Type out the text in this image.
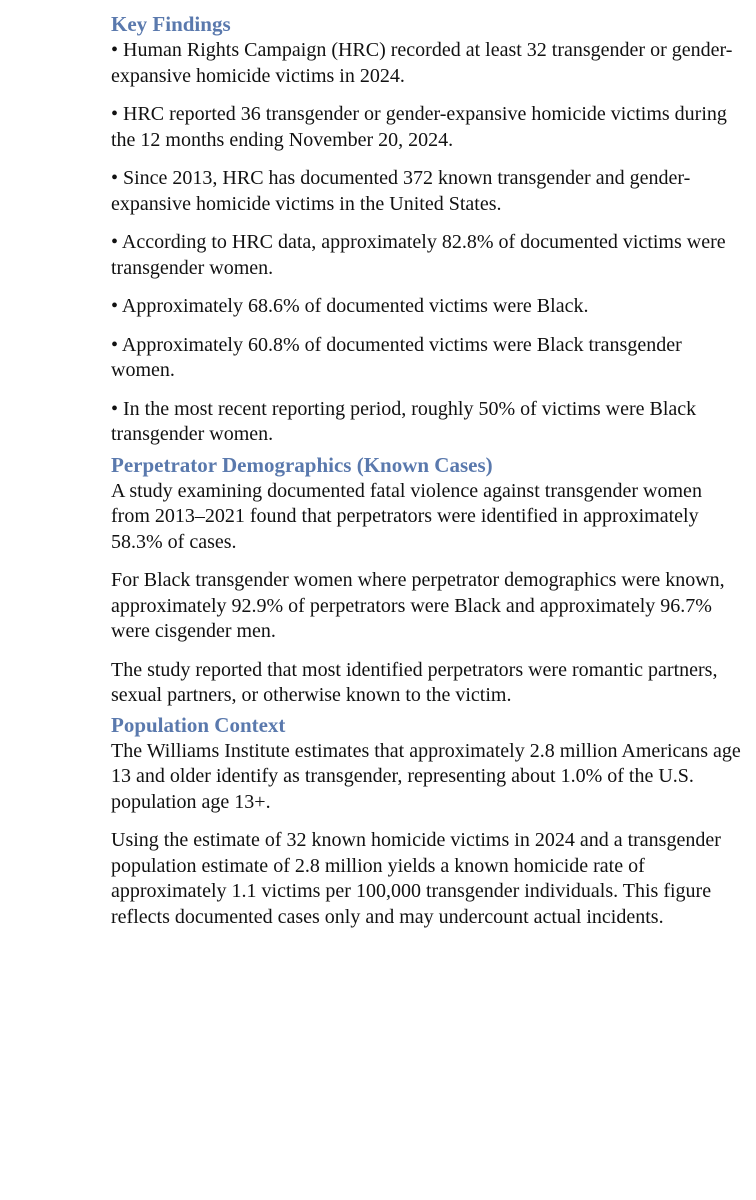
Key Findings

• Human Rights Campaign (HRC) recorded at least 32 transgender or gender-expansive homicide victims in 2024.

• HRC reported 36 transgender or gender-expansive homicide victims during the 12 months ending November 20, 2024.

• Since 2013, HRC has documented 372 known transgender and gender-expansive homicide victims in the United States.

• According to HRC data, approximately 82.8% of documented victims were transgender women.

• Approximately 68.6% of documented victims were Black.

• Approximately 60.8% of documented victims were Black transgender women.

• In the most recent reporting period, roughly 50% of victims were Black transgender women.

Perpetrator Demographics (Known Cases)

A study examining documented fatal violence against transgender women from 2013–2021 found that perpetrators were identified in approximately 58.3% of cases.

For Black transgender women where perpetrator demographics were known, approximately 92.9% of perpetrators were Black and approximately 96.7% were cisgender men.

The study reported that most identified perpetrators were romantic partners, sexual partners, or otherwise known to the victim.

Population Context

The Williams Institute estimates that approximately 2.8 million Americans age 13 and older identify as transgender, representing about 1.0% of the U.S. population age 13+.

Using the estimate of 32 known homicide victims in 2024 and a transgender population estimate of 2.8 million yields a known homicide rate of approximately 1.1 victims per 100,000 transgender individuals. This figure reflects documented cases only and may undercount actual incidents.
